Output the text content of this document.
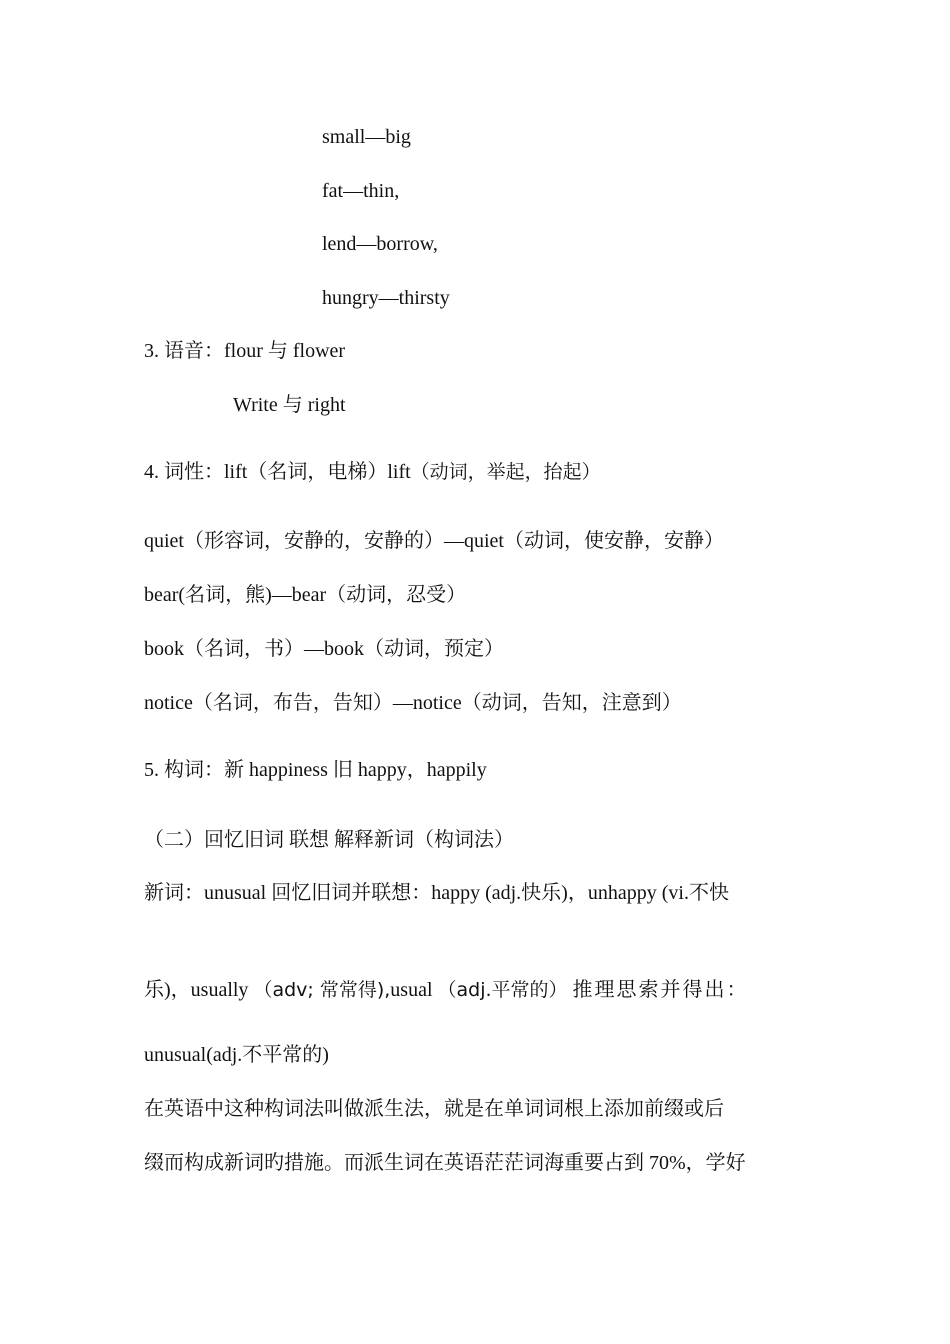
small—big
fat—thin,
lend—borrow,
hungry—thirsty
3. 语音：flour 与 flower
Write 与 right
4. 词性：lift（名词，电梯）lift（动词，举起，抬起）
quiet（形容词，安静的，安静的）—quiet（动词，使安静，安静）
bear(名词，熊)—bear（动词，忍受）
book（名词，书）—book（动词，预定）
notice（名词，布告，告知）—notice（动词，告知，注意到）
5. 构词：新 happiness 旧 happy，happily
（二）回忆旧词 联想 解释新词（构词法）
新词：unusual 回忆旧词并联想：happy (adj.快乐)，unhappy (vi.不快
乐)，usually （adv; 常常得),usual （adj.平常的） 推理思索并得出：
unusual(adj.不平常的)
在英语中这种构词法叫做派生法，就是在单词词根上添加前缀或后
缀而构成新词旳措施。而派生词在英语茫茫词海重要占到 70%，学好
